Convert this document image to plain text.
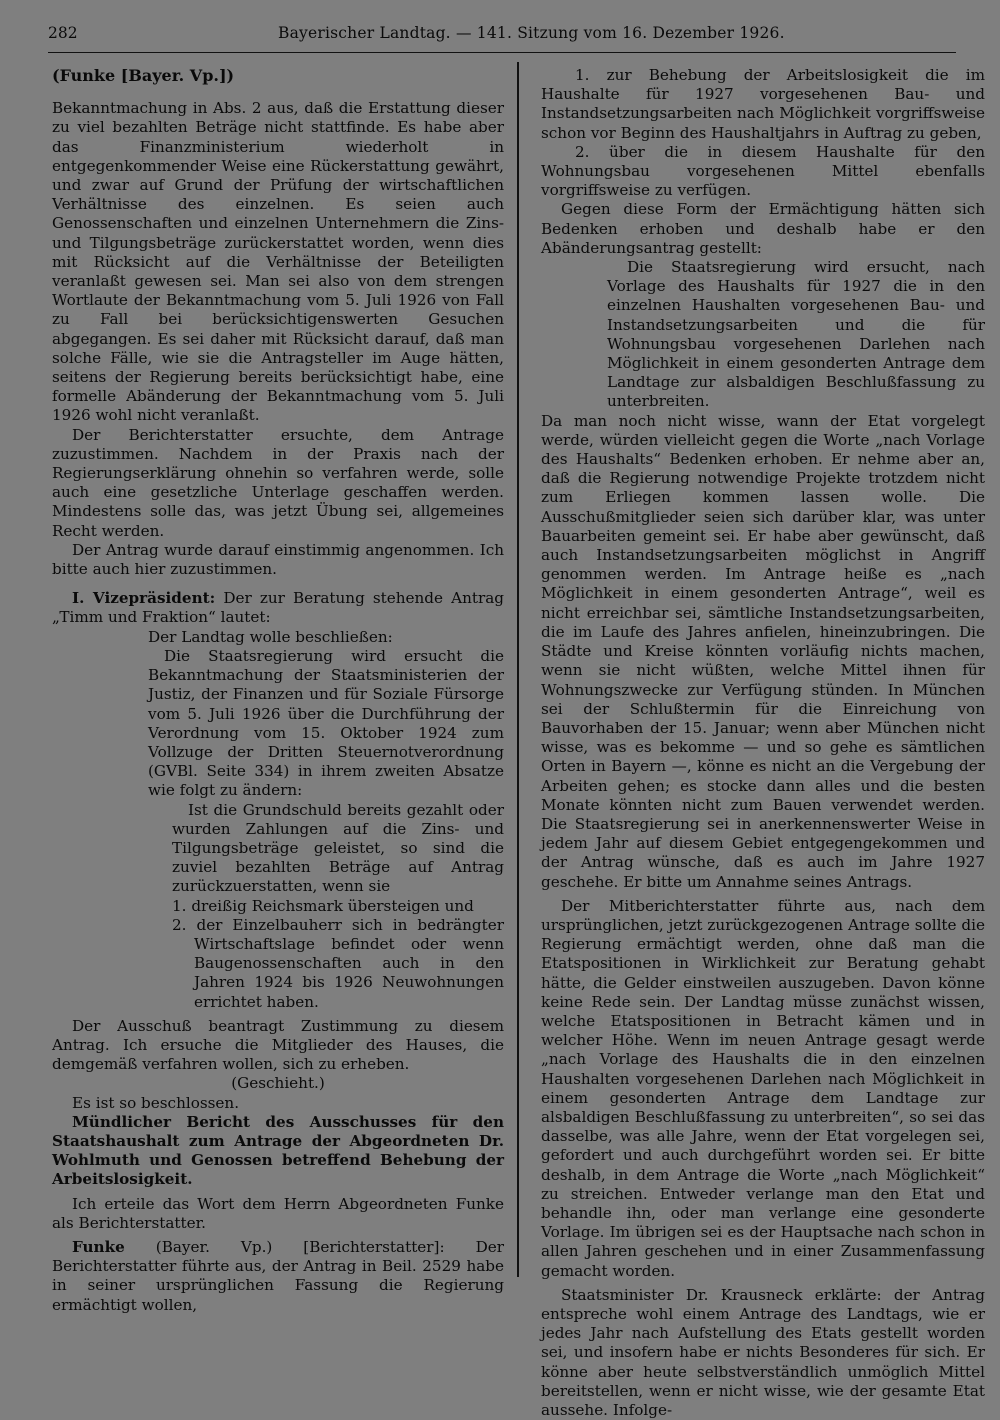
282	Bayerischer Landtag. — 141. Sitzung vom 16. Dezember 1926.
(Funke [Bayer. Vp.])

Bekanntmachung in Abs. 2 aus, daß die Erstattung dieser zu viel bezahlten Beträge nicht stattfinde. Es habe aber das Finanzministerium wiederholt in entgegenkommender Weise eine Rückerstattung gewährt, und zwar auf Grund der Prüfung der wirtschaftlichen Verhältnisse des einzelnen. Es seien auch Genossenschaften und einzelnen Unternehmern die Zins- und Tilgungsbeträge zurückerstattet worden, wenn dies mit Rücksicht auf die Verhältnisse der Beteiligten veranlaßt gewesen sei. Man sei also von dem strengen Wortlaute der Bekanntmachung vom 5. Juli 1926 von Fall zu Fall bei berücksichtigenswerten Gesuchen abgegangen. Es sei daher mit Rücksicht darauf, daß man solche Fälle, wie sie die Antragsteller im Auge hätten, seitens der Regierung bereits berücksichtigt habe, eine formelle Abänderung der Bekanntmachung vom 5. Juli 1926 wohl nicht veranlaßt.

Der Berichterstatter ersuchte, dem Antrage zuzustimmen. Nachdem in der Praxis nach der Regierungserklärung ohnehin so verfahren werde, solle auch eine gesetzliche Unterlage geschaffen werden. Mindestens solle das, was jetzt Übung sei, allgemeines Recht werden.

Der Antrag wurde darauf einstimmig angenommen. Ich bitte auch hier zuzustimmen.

I. Vizepräsident: Der zur Beratung stehende Antrag „Timm und Fraktion“ lautet:

Der Landtag wolle beschließen:

Die Staatsregierung wird ersucht die Bekanntmachung der Staatsministerien der Justiz, der Finanzen und für Soziale Fürsorge vom 5. Juli 1926 über die Durchführung der Verordnung vom 15. Oktober 1924 zum Vollzuge der Dritten Steuernotverordnung (GVBl. Seite 334) in ihrem zweiten Absatze wie folgt zu ändern:

Ist die Grundschuld bereits gezahlt oder wurden Zahlungen auf die Zins- und Tilgungsbeträge geleistet, so sind die zuviel bezahlten Beträge auf Antrag zurückzuerstatten, wenn sie

1. dreißig Reichsmark übersteigen und

2. der Einzelbauherr sich in bedrängter Wirtschaftslage befindet oder wenn Baugenossenschaften auch in den Jahren 1924 bis 1926 Neuwohnungen errichtet haben.

Der Ausschuß beantragt Zustimmung zu diesem Antrag. Ich ersuche die Mitglieder des Hauses, die demgemäß verfahren wollen, sich zu erheben.

(Geschieht.)

Es ist so beschlossen.

Mündlicher Bericht des Ausschusses für den Staatshaushalt zum Antrage der Abgeordneten Dr. Wohlmuth und Genossen betreffend Behebung der Arbeitslosigkeit.

Ich erteile das Wort dem Herrn Abgeordneten Funke als Berichterstatter.

Funke (Bayer. Vp.) [Berichterstatter]: Der Berichterstatter führte aus, der Antrag in Beil. 2529 habe in seiner ursprünglichen Fassung die Regierung ermächtigt wollen,

1. zur Behebung der Arbeitslosigkeit die im Haushalte für 1927 vorgesehenen Bau- und Instandsetzungsarbeiten nach Möglichkeit vorgriffsweise schon vor Beginn des Haushaltjahrs in Auftrag zu geben,

2. über die in diesem Haushalte für den Wohnungsbau vorgesehenen Mittel ebenfalls vorgriffsweise zu verfügen.

Gegen diese Form der Ermächtigung hätten sich Bedenken erhoben und deshalb habe er den Abänderungsantrag gestellt:

Die Staatsregierung wird ersucht, nach Vorlage des Haushalts für 1927 die in den einzelnen Haushalten vorgesehenen Bau- und Instandsetzungsarbeiten und die für Wohnungsbau vorgesehenen Darlehen nach Möglichkeit in einem gesonderten Antrage dem Landtage zur alsbaldigen Beschlußfassung zu unterbreiten.

Da man noch nicht wisse, wann der Etat vorgelegt werde, würden vielleicht gegen die Worte „nach Vorlage des Haushalts“ Bedenken erhoben. Er nehme aber an, daß die Regierung notwendige Projekte trotzdem nicht zum Erliegen kommen lassen wolle. Die Ausschußmitglieder seien sich darüber klar, was unter Bauarbeiten gemeint sei. Er habe aber gewünscht, daß auch Instandsetzungsarbeiten möglichst in Angriff genommen werden. Im Antrage heiße es „nach Möglichkeit in einem gesonderten Antrage“, weil es nicht erreichbar sei, sämtliche Instandsetzungsarbeiten, die im Laufe des Jahres anfielen, hineinzubringen. Die Städte und Kreise könnten vorläufig nichts machen, wenn sie nicht wüßten, welche Mittel ihnen für Wohnungszwecke zur Verfügung stünden. In München sei der Schlußtermin für die Einreichung von Bauvorhaben der 15. Januar; wenn aber München nicht wisse, was es bekomme — und so gehe es sämtlichen Orten in Bayern —, könne es nicht an die Vergebung der Arbeiten gehen; es stocke dann alles und die besten Monate könnten nicht zum Bauen verwendet werden. Die Staatsregierung sei in anerkennenswerter Weise in jedem Jahr auf diesem Gebiet entgegengekommen und der Antrag wünsche, daß es auch im Jahre 1927 geschehe. Er bitte um Annahme seines Antrags.

Der Mitberichterstatter führte aus, nach dem ursprünglichen, jetzt zurückgezogenen Antrage sollte die Regierung ermächtigt werden, ohne daß man die Etatspositionen in Wirklichkeit zur Beratung gehabt hätte, die Gelder einstweilen auszugeben. Davon könne keine Rede sein. Der Landtag müsse zunächst wissen, welche Etatspositionen in Betracht kämen und in welcher Höhe. Wenn im neuen Antrage gesagt werde „nach Vorlage des Haushalts die in den einzelnen Haushalten vorgesehenen Darlehen nach Möglichkeit in einem gesonderten Antrage dem Landtage zur alsbaldigen Beschlußfassung zu unterbreiten“, so sei das dasselbe, was alle Jahre, wenn der Etat vorgelegen sei, gefordert und auch durchgeführt worden sei. Er bitte deshalb, in dem Antrage die Worte „nach Möglichkeit“ zu streichen. Entweder verlange man den Etat und behandle ihn, oder man verlange eine gesonderte Vorlage. Im übrigen sei es der Hauptsache nach schon in allen Jahren geschehen und in einer Zusammenfassung gemacht worden.

Staatsminister Dr. Krausneck erklärte: der Antrag entspreche wohl einem Antrage des Landtags, wie er jedes Jahr nach Aufstellung des Etats gestellt worden sei, und insofern habe er nichts Besonderes für sich. Er könne aber heute selbstverständlich unmöglich Mittel bereitstellen, wenn er nicht wisse, wie der gesamte Etat aussehe. Infolge-
